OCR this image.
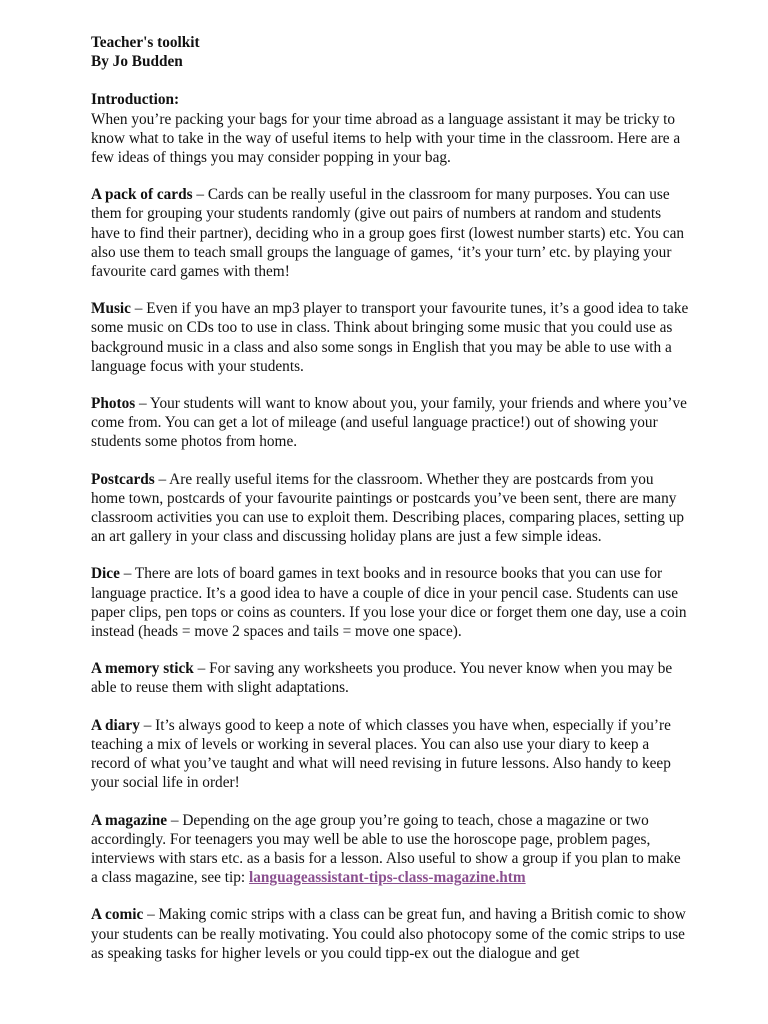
Teacher's toolkit
By Jo Budden
Introduction:
When you’re packing your bags for your time abroad as a language assistant it may be tricky to know what to take in the way of useful items to help with your time in the classroom. Here are a few ideas of things you may consider popping in your bag.
A pack of cards – Cards can be really useful in the classroom for many purposes. You can use them for grouping your students randomly (give out pairs of numbers at random and students have to find their partner), deciding who in a group goes first (lowest number starts) etc. You can also use them to teach small groups the language of games, ‘it’s your turn’ etc. by playing your favourite card games with them!
Music – Even if you have an mp3 player to transport your favourite tunes, it’s a good idea to take some music on CDs too to use in class. Think about bringing some music that you could use as background music in a class and also some songs in English that you may be able to use with a language focus with your students.
Photos – Your students will want to know about you, your family, your friends and where you’ve come from. You can get a lot of mileage (and useful language practice!) out of showing your students some photos from home.
Postcards – Are really useful items for the classroom. Whether they are postcards from you home town, postcards of your favourite paintings or postcards you’ve been sent, there are many classroom activities you can use to exploit them. Describing places, comparing places, setting up an art gallery in your class and discussing holiday plans are just a few simple ideas.
Dice – There are lots of board games in text books and in resource books that you can use for language practice. It’s a good idea to have a couple of dice in your pencil case. Students can use paper clips, pen tops or coins as counters. If you lose your dice or forget them one day, use a coin instead (heads = move 2 spaces and tails = move one space).
A memory stick – For saving any worksheets you produce. You never know when you may be able to reuse them with slight adaptations.
A diary – It’s always good to keep a note of which classes you have when, especially if you’re teaching a mix of levels or working in several places. You can also use your diary to keep a record of what you’ve taught and what will need revising in future lessons. Also handy to keep your social life in order!
A magazine – Depending on the age group you’re going to teach, chose a magazine or two accordingly. For teenagers you may well be able to use the horoscope page, problem pages, interviews with stars etc. as a basis for a lesson. Also useful to show a group if you plan to make a class magazine, see tip: languageassistant-tips-class-magazine.htm
A comic – Making comic strips with a class can be great fun, and having a British comic to show your students can be really motivating. You could also photocopy some of the comic strips to use as speaking tasks for higher levels or you could tipp-ex out the dialogue and get
